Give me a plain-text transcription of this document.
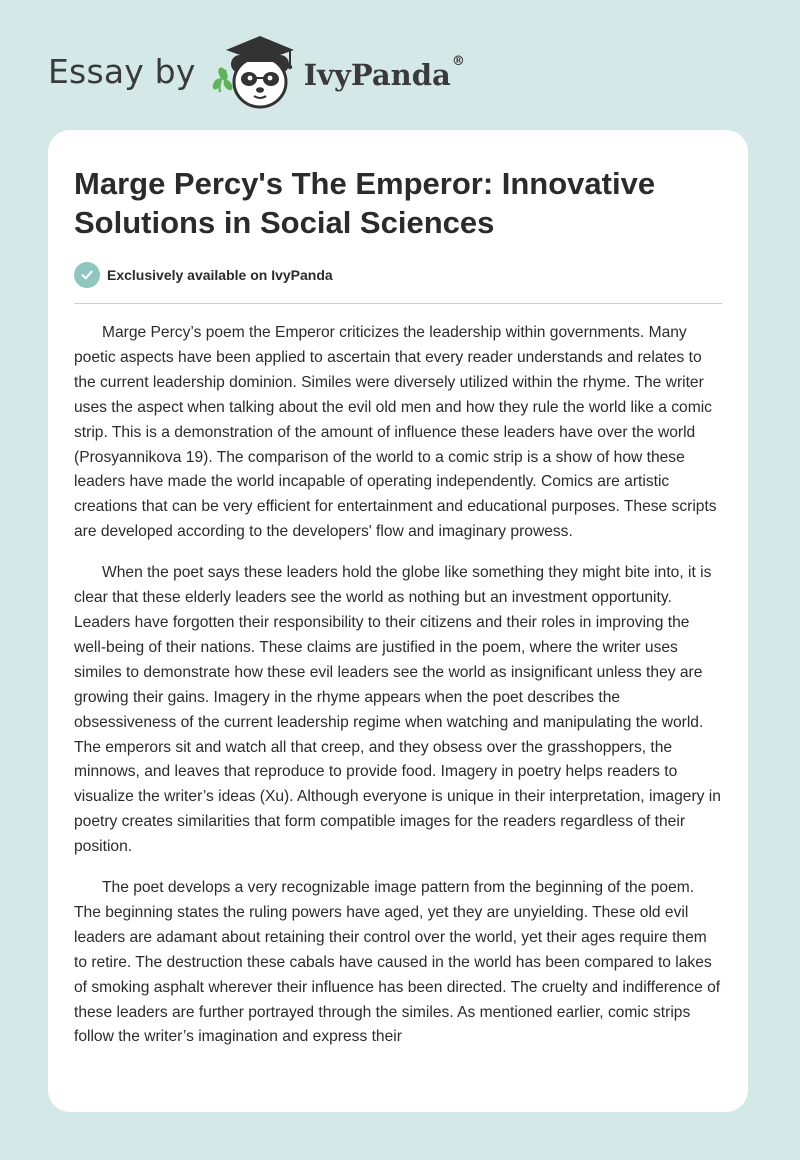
Essay by	IvyPanda®
Marge Percy's The Emperor: Innovative Solutions in Social Sciences
Exclusively available on IvyPanda

Marge Percy’s poem the Emperor criticizes the leadership within governments. Many poetic aspects have been applied to ascertain that every reader understands and relates to the current leadership dominion. Similes were diversely utilized within the rhyme. The writer uses the aspect when talking about the evil old men and how they rule the world like a comic strip. This is a demonstration of the amount of influence these leaders have over the world (Prosyannikova 19). The comparison of the world to a comic strip is a show of how these leaders have made the world incapable of operating independently. Comics are artistic creations that can be very efficient for entertainment and educational purposes. These scripts are developed according to the developers' flow and imaginary prowess.

When the poet says these leaders hold the globe like something they might bite into, it is clear that these elderly leaders see the world as nothing but an investment opportunity. Leaders have forgotten their responsibility to their citizens and their roles in improving the well-being of their nations. These claims are justified in the poem, where the writer uses similes to demonstrate how these evil leaders see the world as insignificant unless they are growing their gains. Imagery in the rhyme appears when the poet describes the obsessiveness of the current leadership regime when watching and manipulating the world. The emperors sit and watch all that creep, and they obsess over the grasshoppers, the minnows, and leaves that reproduce to provide food. Imagery in poetry helps readers to visualize the writer’s ideas (Xu). Although everyone is unique in their interpretation, imagery in poetry creates similarities that form compatible images for the readers regardless of their position.

The poet develops a very recognizable image pattern from the beginning of the poem. The beginning states the ruling powers have aged, yet they are unyielding. These old evil leaders are adamant about retaining their control over the world, yet their ages require them to retire. The destruction these cabals have caused in the world has been compared to lakes of smoking asphalt wherever their influence has been directed. The cruelty and indifference of these leaders are further portrayed through the similes. As mentioned earlier, comic strips follow the writer’s imagination and express their
